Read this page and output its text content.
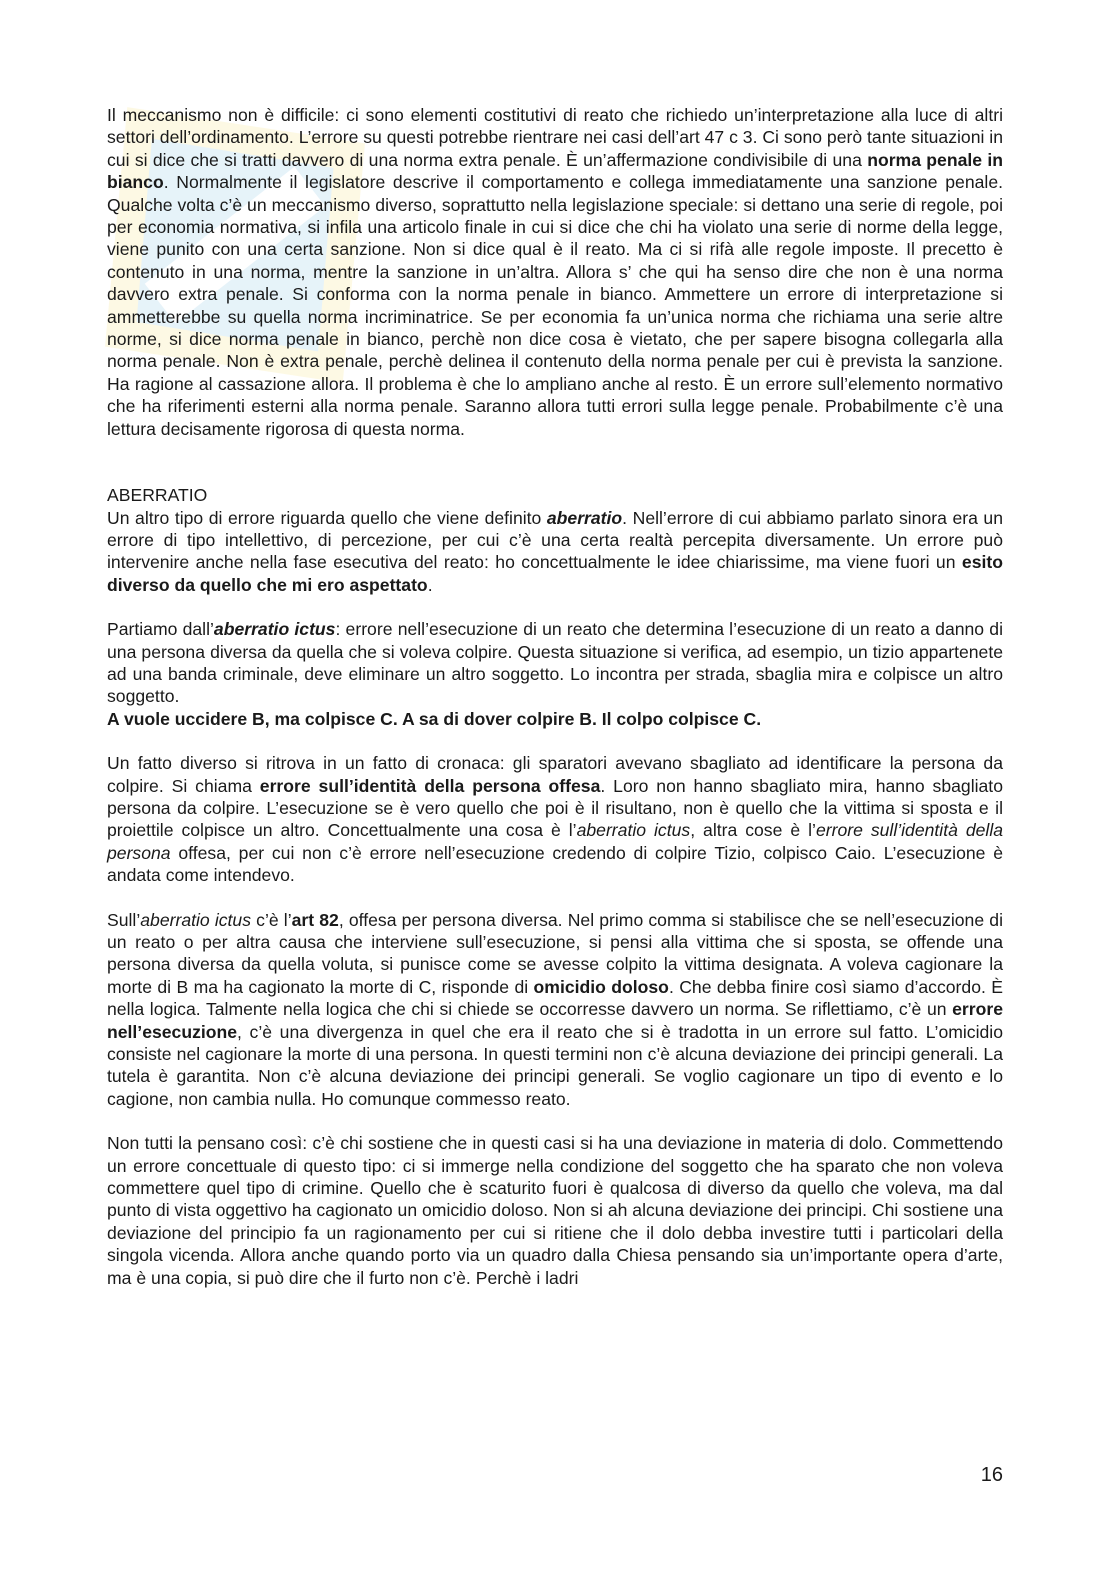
Il meccanismo non è difficile: ci sono elementi costitutivi di reato che richiedo un’interpretazione alla luce di altri settori dell’ordinamento. L’errore su questi potrebbe rientrare nei casi dell’art 47 c 3. Ci sono però tante situazioni in cui si dice che si tratti davvero di una norma extra penale. È un’affermazione condivisibile di una norma penale in bianco. Normalmente il legislatore descrive il comportamento e collega immediatamente una sanzione penale. Qualche volta c’è un meccanismo diverso, soprattutto nella legislazione speciale: si dettano una serie di regole, poi per economia normativa, si infila una articolo finale in cui si dice che chi ha violato una serie di norme della legge, viene punito con una certa sanzione. Non si dice qual è il reato. Ma ci si rifà alle regole imposte. Il precetto è contenuto in una norma, mentre la sanzione in un’altra. Allora s’ che qui ha senso dire che non è una norma davvero extra penale. Si conforma con la norma penale in bianco. Ammettere un errore di interpretazione si ammetterebbe su quella norma incriminatrice. Se per economia fa un’unica norma che richiama una serie altre norme, si dice norma penale in bianco, perchè non dice cosa è vietato, che per sapere bisogna collegarla alla norma penale. Non è extra penale, perchè delinea il contenuto della norma penale per cui è prevista la sanzione. Ha ragione al cassazione allora. Il problema è che lo ampliano anche al resto. È un errore sull’elemento normativo che ha riferimenti esterni alla norma penale. Saranno allora tutti errori sulla legge penale. Probabilmente c’è una lettura decisamente rigorosa di questa norma.

ABERRATIO

Un altro tipo di errore riguarda quello che viene definito aberratio. Nell’errore di cui abbiamo parlato sinora era un errore di tipo intellettivo, di percezione, per cui c’è una certa realtà percepita diversamente. Un errore può intervenire anche nella fase esecutiva del reato: ho concettualmente le idee chiarissime, ma viene fuori un esito diverso da quello che mi ero aspettato.

Partiamo dall’aberratio ictus: errore nell’esecuzione di un reato che determina l’esecuzione di un reato a danno di una persona diversa da quella che si voleva colpire. Questa situazione si verifica, ad esempio, un tizio appartenete ad una banda criminale, deve eliminare un altro soggetto. Lo incontra per strada, sbaglia mira e colpisce un altro soggetto.

A vuole uccidere B, ma colpisce C. A sa di dover colpire B. Il colpo colpisce C.

Un fatto diverso si ritrova in un fatto di cronaca: gli sparatori avevano sbagliato ad identificare la persona da colpire. Si chiama errore sull’identità della persona offesa. Loro non hanno sbagliato mira, hanno sbagliato persona da colpire. L’esecuzione se è vero quello che poi è il risultano, non è quello che la vittima si sposta e il proiettile colpisce un altro. Concettualmente una cosa è l’aberratio ictus, altra cose è l’errore sull’identità della persona offesa, per cui non c’è errore nell’esecuzione credendo di colpire Tizio, colpisco Caio. L’esecuzione è andata come intendevo.

Sull’aberratio ictus c’è l’art 82, offesa per persona diversa. Nel primo comma si stabilisce che se nell’esecuzione di un reato o per altra causa che interviene sull’esecuzione, si pensi alla vittima che si sposta, se offende una persona diversa da quella voluta, si punisce come se avesse colpito la vittima designata. A voleva cagionare la morte di B ma ha cagionato la morte di C, risponde di omicidio doloso. Che debba finire così siamo d’accordo. È nella logica. Talmente nella logica che chi si chiede se occorresse davvero un norma. Se riflettiamo, c’è un errore nell’esecuzione, c’è una divergenza in quel che era il reato che si è tradotta in un errore sul fatto. L’omicidio consiste nel cagionare la morte di una persona. In questi termini non c’è alcuna deviazione dei principi generali. La tutela è garantita. Non c’è alcuna deviazione dei principi generali. Se voglio cagionare un tipo di evento e lo cagione, non cambia nulla. Ho comunque commesso reato.

Non tutti la pensano così: c’è chi sostiene che in questi casi si ha una deviazione in materia di dolo. Commettendo un errore concettuale di questo tipo: ci si immerge nella condizione del soggetto che ha sparato che non voleva commettere quel tipo di crimine. Quello che è scaturito fuori è qualcosa di diverso da quello che voleva, ma dal punto di vista oggettivo ha cagionato un omicidio doloso. Non si ah alcuna deviazione dei principi. Chi sostiene una deviazione del principio fa un ragionamento per cui si ritiene che il dolo debba investire tutti i particolari della singola vicenda. Allora anche quando porto via un quadro dalla Chiesa pensando sia un’importante opera d’arte, ma è una copia, si può dire che il furto non c’è. Perchè i ladri

16
